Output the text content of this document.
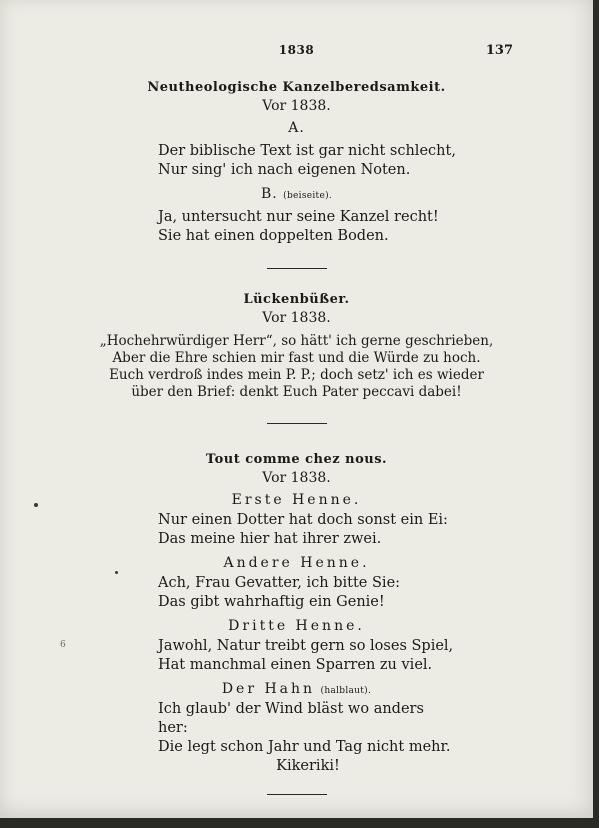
1838	137
Neutheologische Kanzelberedsamkeit.
Vor 1838.
A.
Der biblische Text ist gar nicht schlecht,
Nur sing' ich nach eigenen Noten.
B. (beiseite).
Ja, untersucht nur seine Kanzel recht!
Sie hat einen doppelten Boden.
Lückenbüßer.
Vor 1838.
„Hochehrwürdiger Herr“, so hätt' ich gerne geschrieben,
Aber die Ehre schien mir fast und die Würde zu hoch.
Euch verdroß indes mein P. P.; doch setz' ich es wieder
über den Brief: denkt Euch Pater peccavi dabei!
Tout comme chez nous.
Vor 1838.
Erste Henne.
Nur einen Dotter hat doch sonst ein Ei:
Das meine hier hat ihrer zwei.
Andere Henne.
Ach, Frau Gevatter, ich bitte Sie:
Das gibt wahrhaftig ein Genie!
Dritte Henne.
Jawohl, Natur treibt gern so loses Spiel,
Hat manchmal einen Sparren zu viel.
Der Hahn (halblaut).
Ich glaub' der Wind bläst wo anders her:
Die legt schon Jahr und Tag nicht mehr.
Kikeriki!
6
